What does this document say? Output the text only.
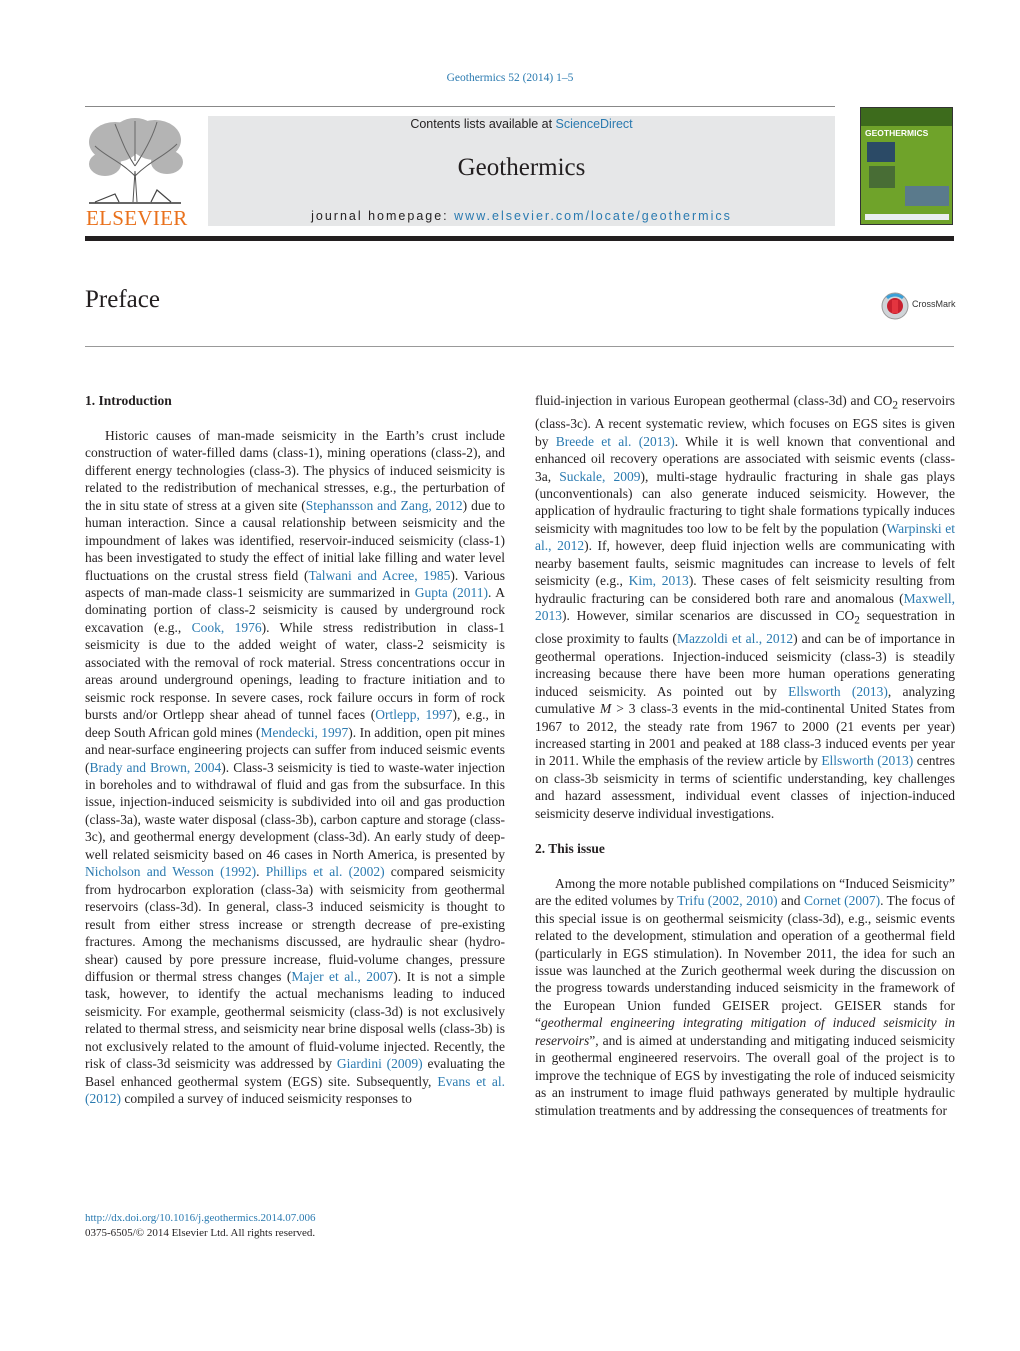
Geothermics 52 (2014) 1–5
ELSEVIER
Contents lists available at ScienceDirect
Geothermics
journal homepage: www.elsevier.com/locate/geothermics
GEOTHERMICS
Preface	CrossMark
1. Introduction

Historic causes of man-made seismicity in the Earth’s crust include construction of water-filled dams (class-1), mining operations (class-2), and different energy technologies (class-3). The physics of induced seismicity is related to the redistribution of mechanical stresses, e.g., the perturbation of the in situ state of stress at a given site (Stephansson and Zang, 2012) due to human interaction. Since a causal relationship between seismicity and the impoundment of lakes was identified, reservoir-induced seismicity (class-1) has been investigated to study the effect of initial lake filling and water level fluctuations on the crustal stress field (Talwani and Acree, 1985). Various aspects of man-made class-1 seismicity are summarized in Gupta (2011). A dominating portion of class-2 seismicity is caused by underground rock excavation (e.g., Cook, 1976). While stress redistribution in class-1 seismicity is due to the added weight of water, class-2 seismicity is associated with the removal of rock material. Stress concentrations occur in areas around underground openings, leading to fracture initiation and to seismic rock response. In severe cases, rock failure occurs in form of rock bursts and/or Ortlepp shear ahead of tunnel faces (Ortlepp, 1997), e.g., in deep South African gold mines (Mendecki, 1997). In addition, open pit mines and near-surface engineering projects can suffer from induced seismic events (Brady and Brown, 2004). Class-3 seismicity is tied to waste-water injection in boreholes and to withdrawal of fluid and gas from the subsurface. In this issue, injection-induced seismicity is subdivided into oil and gas production (class-3a), waste water disposal (class-3b), carbon capture and storage (class-3c), and geothermal energy development (class-3d). An early study of deep-well related seismicity based on 46 cases in North America, is presented by Nicholson and Wesson (1992). Phillips et al. (2002) compared seismicity from hydrocarbon exploration (class-3a) with seismicity from geothermal reservoirs (class-3d). In general, class-3 induced seismicity is thought to result from either stress increase or strength decrease of pre-existing fractures. Among the mechanisms discussed, are hydraulic shear (hydro-shear) caused by pore pressure increase, fluid-volume changes, pressure diffusion or thermal stress changes (Majer et al., 2007). It is not a simple task, however, to identify the actual mechanisms leading to induced seismicity. For example, geothermal seismicity (class-3d) is not exclusively related to thermal stress, and seismicity near brine disposal wells (class-3b) is not exclusively related to the amount of fluid-volume injected. Recently, the risk of class-3d seismicity was addressed by Giardini (2009) evaluating the Basel enhanced geothermal system (EGS) site. Subsequently, Evans et al. (2012) compiled a survey of induced seismicity responses to

fluid-injection in various European geothermal (class-3d) and $CO_2$ reservoirs (class-3c). A recent systematic review, which focuses on EGS sites is given by Breede et al. (2013). While it is well known that conventional and enhanced oil recovery operations are associated with seismic events (class-3a, Suckale, 2009), multi-stage hydraulic fracturing in shale gas plays (unconventionals) can also generate induced seismicity. However, the application of hydraulic fracturing to tight shale formations typically induces seismicity with magnitudes too low to be felt by the population (Warpinski et al., 2012). If, however, deep fluid injection wells are communicating with nearby basement faults, seismic magnitudes can increase to levels of felt seismicity (e.g., Kim, 2013). These cases of felt seismicity resulting from hydraulic fracturing can be considered both rare and anomalous (Maxwell, 2013). However, similar scenarios are discussed in $CO_2$ sequestration in close proximity to faults (Mazzoldi et al., 2012) and can be of importance in geothermal operations. Injection-induced seismicity (class-3) is steadily increasing because there have been more human operations generating induced seismicity. As pointed out by Ellsworth (2013), analyzing cumulative M > 3 class-3 events in the mid-continental United States from 1967 to 2012, the steady rate from 1967 to 2000 (21 events per year) increased starting in 2001 and peaked at 188 class-3 induced events per year in 2011. While the emphasis of the review article by Ellsworth (2013) centres on class-3b seismicity in terms of scientific understanding, key challenges and hazard assessment, individual event classes of injection-induced seismicity deserve individual investigations.

2. This issue

Among the more notable published compilations on “Induced Seismicity” are the edited volumes by Trifu (2002, 2010) and Cornet (2007). The focus of this special issue is on geothermal seismicity (class-3d), e.g., seismic events related to the development, stimulation and operation of a geothermal field (particularly in EGS stimulation). In November 2011, the idea for such an issue was launched at the Zurich geothermal week during the discussion on the progress towards understanding induced seismicity in the framework of the European Union funded GEISER project. GEISER stands for “geothermal engineering integrating mitigation of induced seismicity in reservoirs”, and is aimed at understanding and mitigating induced seismicity in geothermal engineered reservoirs. The overall goal of the project is to improve the technique of EGS by investigating the role of induced seismicity as an instrument to image fluid pathways generated by multiple hydraulic stimulation treatments and by addressing the consequences of treatments for

http://dx.doi.org/10.1016/j.geothermics.2014.07.006
0375-6505/© 2014 Elsevier Ltd. All rights reserved.
